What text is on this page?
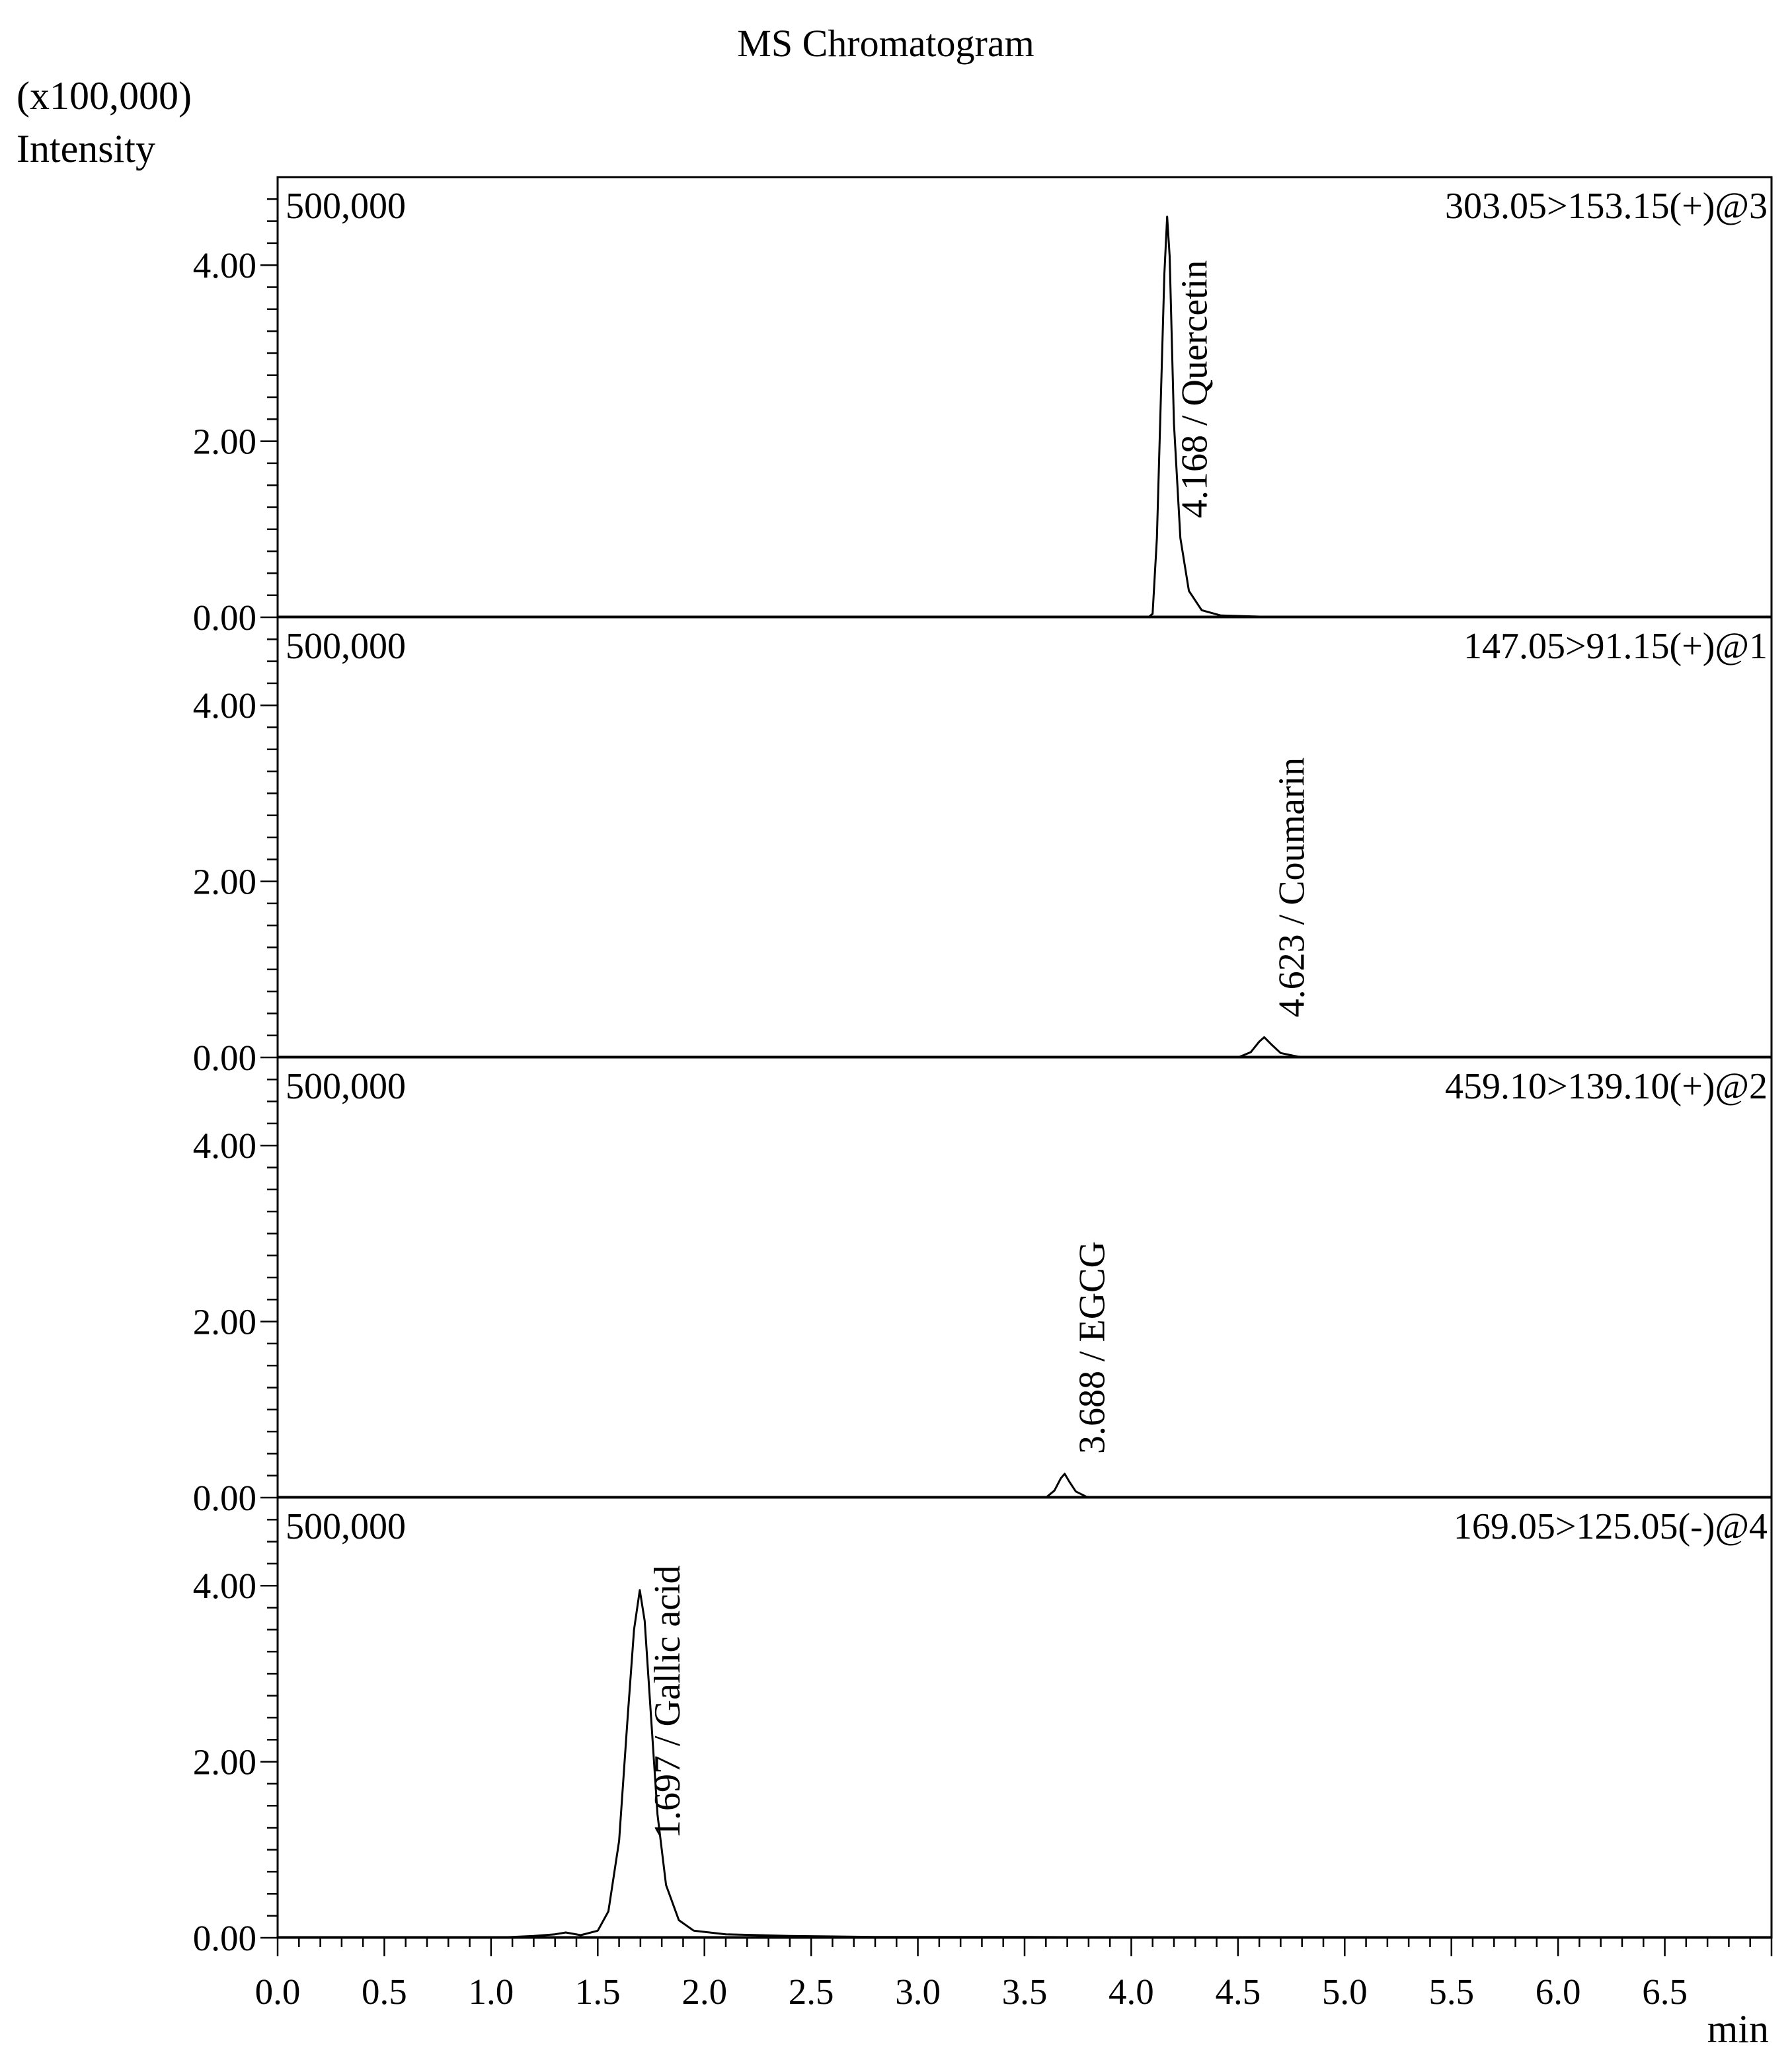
MS Chromatogram
(x100,000)
Intensity
min
0.00
2.00
4.00
500,000	303.05>153.15(+)@3
4.168 / Quercetin
0.00
2.00
4.00
500,000	147.05>91.15(+)@1
4.623 / Coumarin
0.00
2.00
4.00
500,000	459.10>139.10(+)@2
3.688 / EGCG
0.00
2.00
4.00
500,000	169.05>125.05(-)@4
1.697 / Gallic acid
0.0 0.5 1.0 1.5 2.0 2.5 3.0 3.5 4.0 4.5 5.0 5.5 6.0 6.5
